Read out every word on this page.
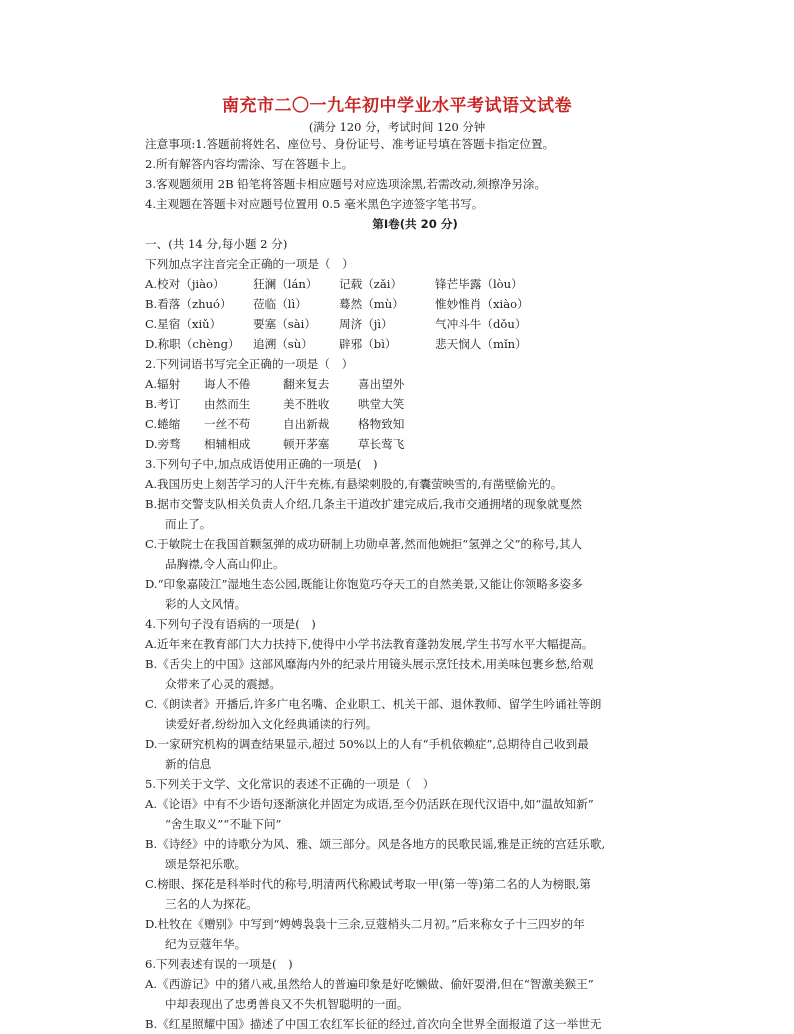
南充市二〇一九年初中学业水平考试语文试卷
(满分 120 分，考试时间 120 分钟
注意事项:1.答题前将姓名、座位号、身份证号、准考证号填在答题卡指定位置。
2.所有解答内容均需涂、写在答题卡上。
3.客观题须用 2B 铅笔将答题卡相应题号对应选项涂黑,若需改动,须擦净另涂。
4.主观题在答题卡对应题号位置用 0.5 毫米黑色字迹签字笔书写。
第Ⅰ卷(共 20 分)
一、(共 14 分,每小题 2 分)
下列加点字注音完全正确的一项是（　）
A.校对（jiào）	狂澜（lán）	记载（zǎi）	锋芒毕露（lòu）
B.看落（zhuó）	莅临（lì）	蓦然（mù）	惟妙惟肖（xiào）
C.星宿（xiǔ）	要塞（sài）	周济（jì）	气冲斗牛（dǒu）
D.称职（chèng）	追溯（sù）	辟邪（bì）	悲天悯人（mǐn）
2.下列词语书写完全正确的一项是（　）
A.辐射	诲人不倦	翻来复去	喜出望外
B.考订	由然而生	美不胜收	哄堂大笑
C.蜷缩	一丝不苟	自出新裁	格物致知
D.旁骛	相辅相成	顿开茅塞	草长莺飞
3.下列句子中,加点成语使用正确的一项是(　)
A.我国历史上刻苦学习的人汗牛充栋,有悬梁刺股的,有囊萤映雪的,有凿壁偷光的。
B.据市交警支队相关负责人介绍,几条主干道改扩建完成后,我市交通拥堵的现象就戛然
而止了。
C.于敏院士在我国首颗氢弹的成功研制上功勋卓著,然而他婉拒“氢弹之父”的称号,其人
品胸襟,令人高山仰止。
D.“印象嘉陵江”湿地生态公园,既能让你饱览巧夺天工的自然美景,又能让你领略多姿多
彩的人文风情。
4.下列句子没有语病的一项是(　)
A.近年来在教育部门大力扶持下,使得中小学书法教育蓬勃发展,学生书写水平大幅提高。
B.《舌尖上的中国》这部风靡海内外的纪录片用镜头展示烹饪技术,用美味包裹乡愁,给观
众带来了心灵的震撼。
C.《朗读者》开播后,许多广电名嘴、企业职工、机关干部、退休教师、留学生吟诵社等朗
读爱好者,纷纷加入文化经典诵读的行列。
D.一家研究机构的调查结果显示,超过 50%以上的人有“手机依赖症”,总期待自己收到最
新的信息
5.下列关于文学、文化常识的表述不正确的一项是（　）
A.《论语》中有不少语句逐渐演化并固定为成语,至今仍活跃在现代汉语中,如“温故知新”
“舍生取义”“不耻下问”
B.《诗经》中的诗歌分为风、雅、颂三部分。风是各地方的民歌民谣,雅是正统的宫廷乐歌,
颂是祭祀乐歌。
C.榜眼、探花是科举时代的称号,明清两代称殿试考取一甲(第一等)第二名的人为榜眼,第
三名的人为探花。
D.杜牧在《赠别》中写到“娉娉袅袅十三余,豆蔻梢头二月初。”后来称女子十三四岁的年
纪为豆蔻年华。
6.下列表述有误的一项是(　)
A.《西游记》中的猪八戒,虽然给人的普遍印象是好吃懒做、偷奸耍滑,但在“智激美猴王”
中却表现出了忠勇善良又不失机智聪明的一面。
B.《红星照耀中国》描述了中国工农红军长征的经过,首次向全世界全面报道了这一举世无
